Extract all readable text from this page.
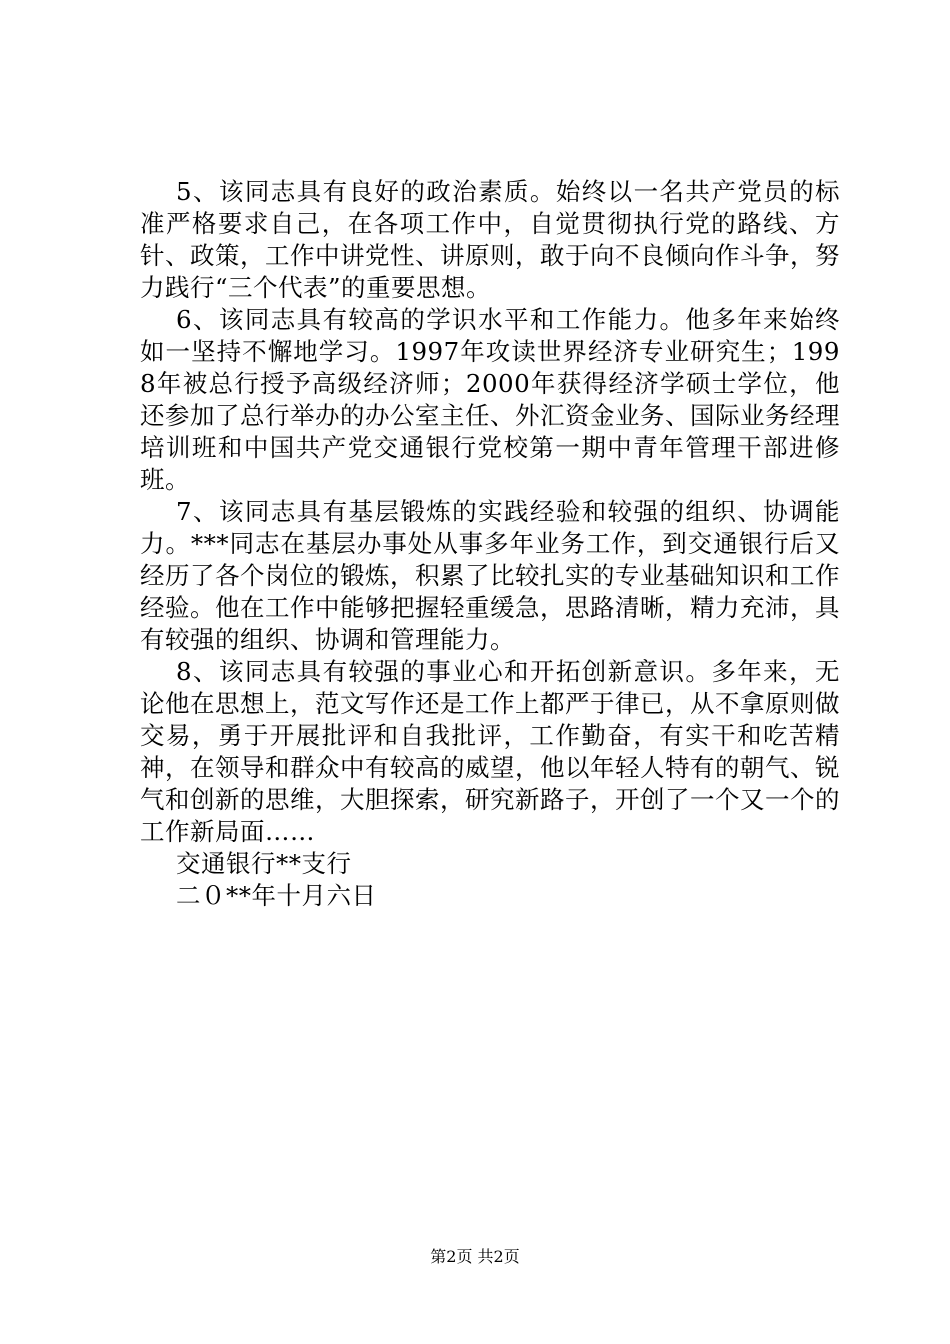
5、该同志具有良好的政治素质。始终以一名共产党员的标准严格要求自己，在各项工作中，自觉贯彻执行党的路线、方针、政策，工作中讲党性、讲原则，敢于向不良倾向作斗争，努力践行“三个代表”的重要思想。

6、该同志具有较高的学识水平和工作能力。他多年来始终如一坚持不懈地学习。1997年攻读世界经济专业研究生；1998年被总行授予高级经济师；2000年获得经济学硕士学位，他还参加了总行举办的办公室主任、外汇资金业务、国际业务经理培训班和中国共产党交通银行党校第一期中青年管理干部进修班。

7、该同志具有基层锻炼的实践经验和较强的组织、协调能力。***同志在基层办事处从事多年业务工作，到交通银行后又经历了各个岗位的锻炼，积累了比较扎实的专业基础知识和工作经验。他在工作中能够把握轻重缓急，思路清晰，精力充沛，具有较强的组织、协调和管理能力。

8、该同志具有较强的事业心和开拓创新意识。多年来，无论他在思想上，范文写作还是工作上都严于律已，从不拿原则做交易，勇于开展批评和自我批评，工作勤奋，有实干和吃苦精神，在领导和群众中有较高的威望，他以年轻人特有的朝气、锐气和创新的思维，大胆探索，研究新路子，开创了一个又一个的工作新局面……

交通银行**支行

二０**年十月六日

第2页 共2页
